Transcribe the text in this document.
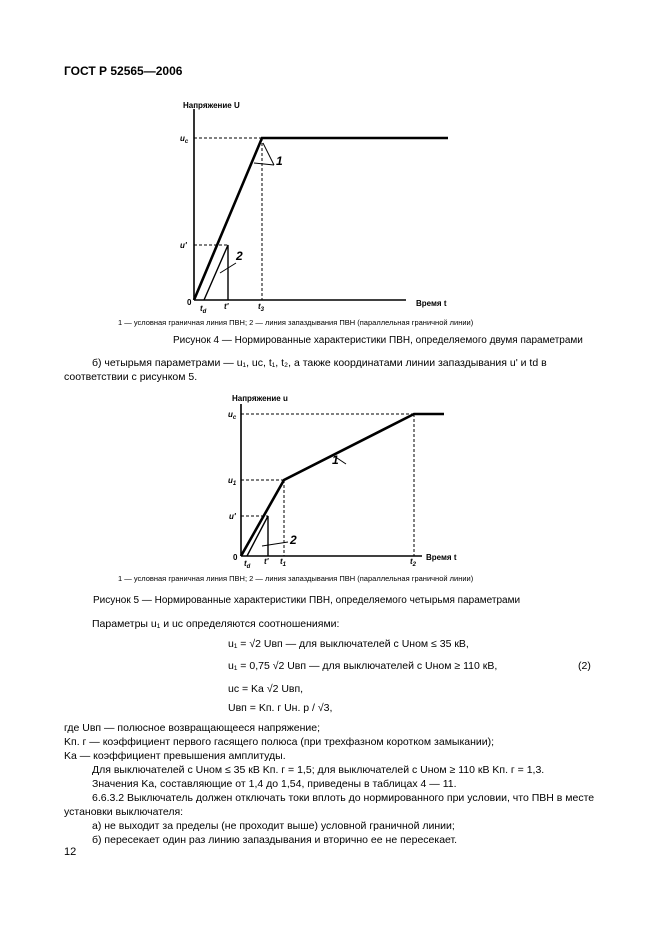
ГОСТ Р 52565—2006
Напряжение U
Время t
1
2
$u_c$
u'
0
$t_d$
t'	$t_3$
1 — условная граничная линия ПВН; 2 — линия запаздывания ПВН (параллельная граничной линии)
Рисунок 4 — Нормированные характеристики ПВН, определяемого двумя параметрами
б) четырьмя параметрами — u₁, uc, t₁, t₂, а также координатами линии запаздывания u' и td в
соответствии с рисунком 5.
Напряжение u
Время t
1
2
$u_c$
$u_1$
u'
0
$t_d$
t' $t_1$	$t_2$
1 — условная граничная линия ПВН; 2 — линия запаздывания ПВН (параллельная граничной линии)
Рисунок 5 — Нормированные характеристики ПВН, определяемого четырьмя параметрами
Параметры u₁ и uc определяются соотношениями:
u₁ = √2 Uвп — для выключателей с Uном ≤ 35 кВ,
u₁ = 0,75 √2 Uвп — для выключателей с Uном ≥ 110 кВ,	(2)
uc = Kа √2 Uвп,
Uвп = Kп. г Uн. р / √3,
где Uвп — полюсное возвращающееся напряжение;
Kп. г — коэффициент первого гасящего полюса (при трехфазном коротком замыкании);
Kа — коэффициент превышения амплитуды.
Для выключателей с Uном ≤ 35 кВ Kп. г = 1,5; для выключателей с Uном ≥ 110 кВ Kп. г = 1,3.
Значения Kа, составляющие от 1,4 до 1,54, приведены в таблицах 4 — 11.
6.6.3.2 Выключатель должен отключать токи вплоть до нормированного при условии, что ПВН в месте
установки выключателя:
а) не выходит за пределы (не проходит выше) условной граничной линии;
б) пересекает один раз линию запаздывания и вторично ее не пересекает.
12
